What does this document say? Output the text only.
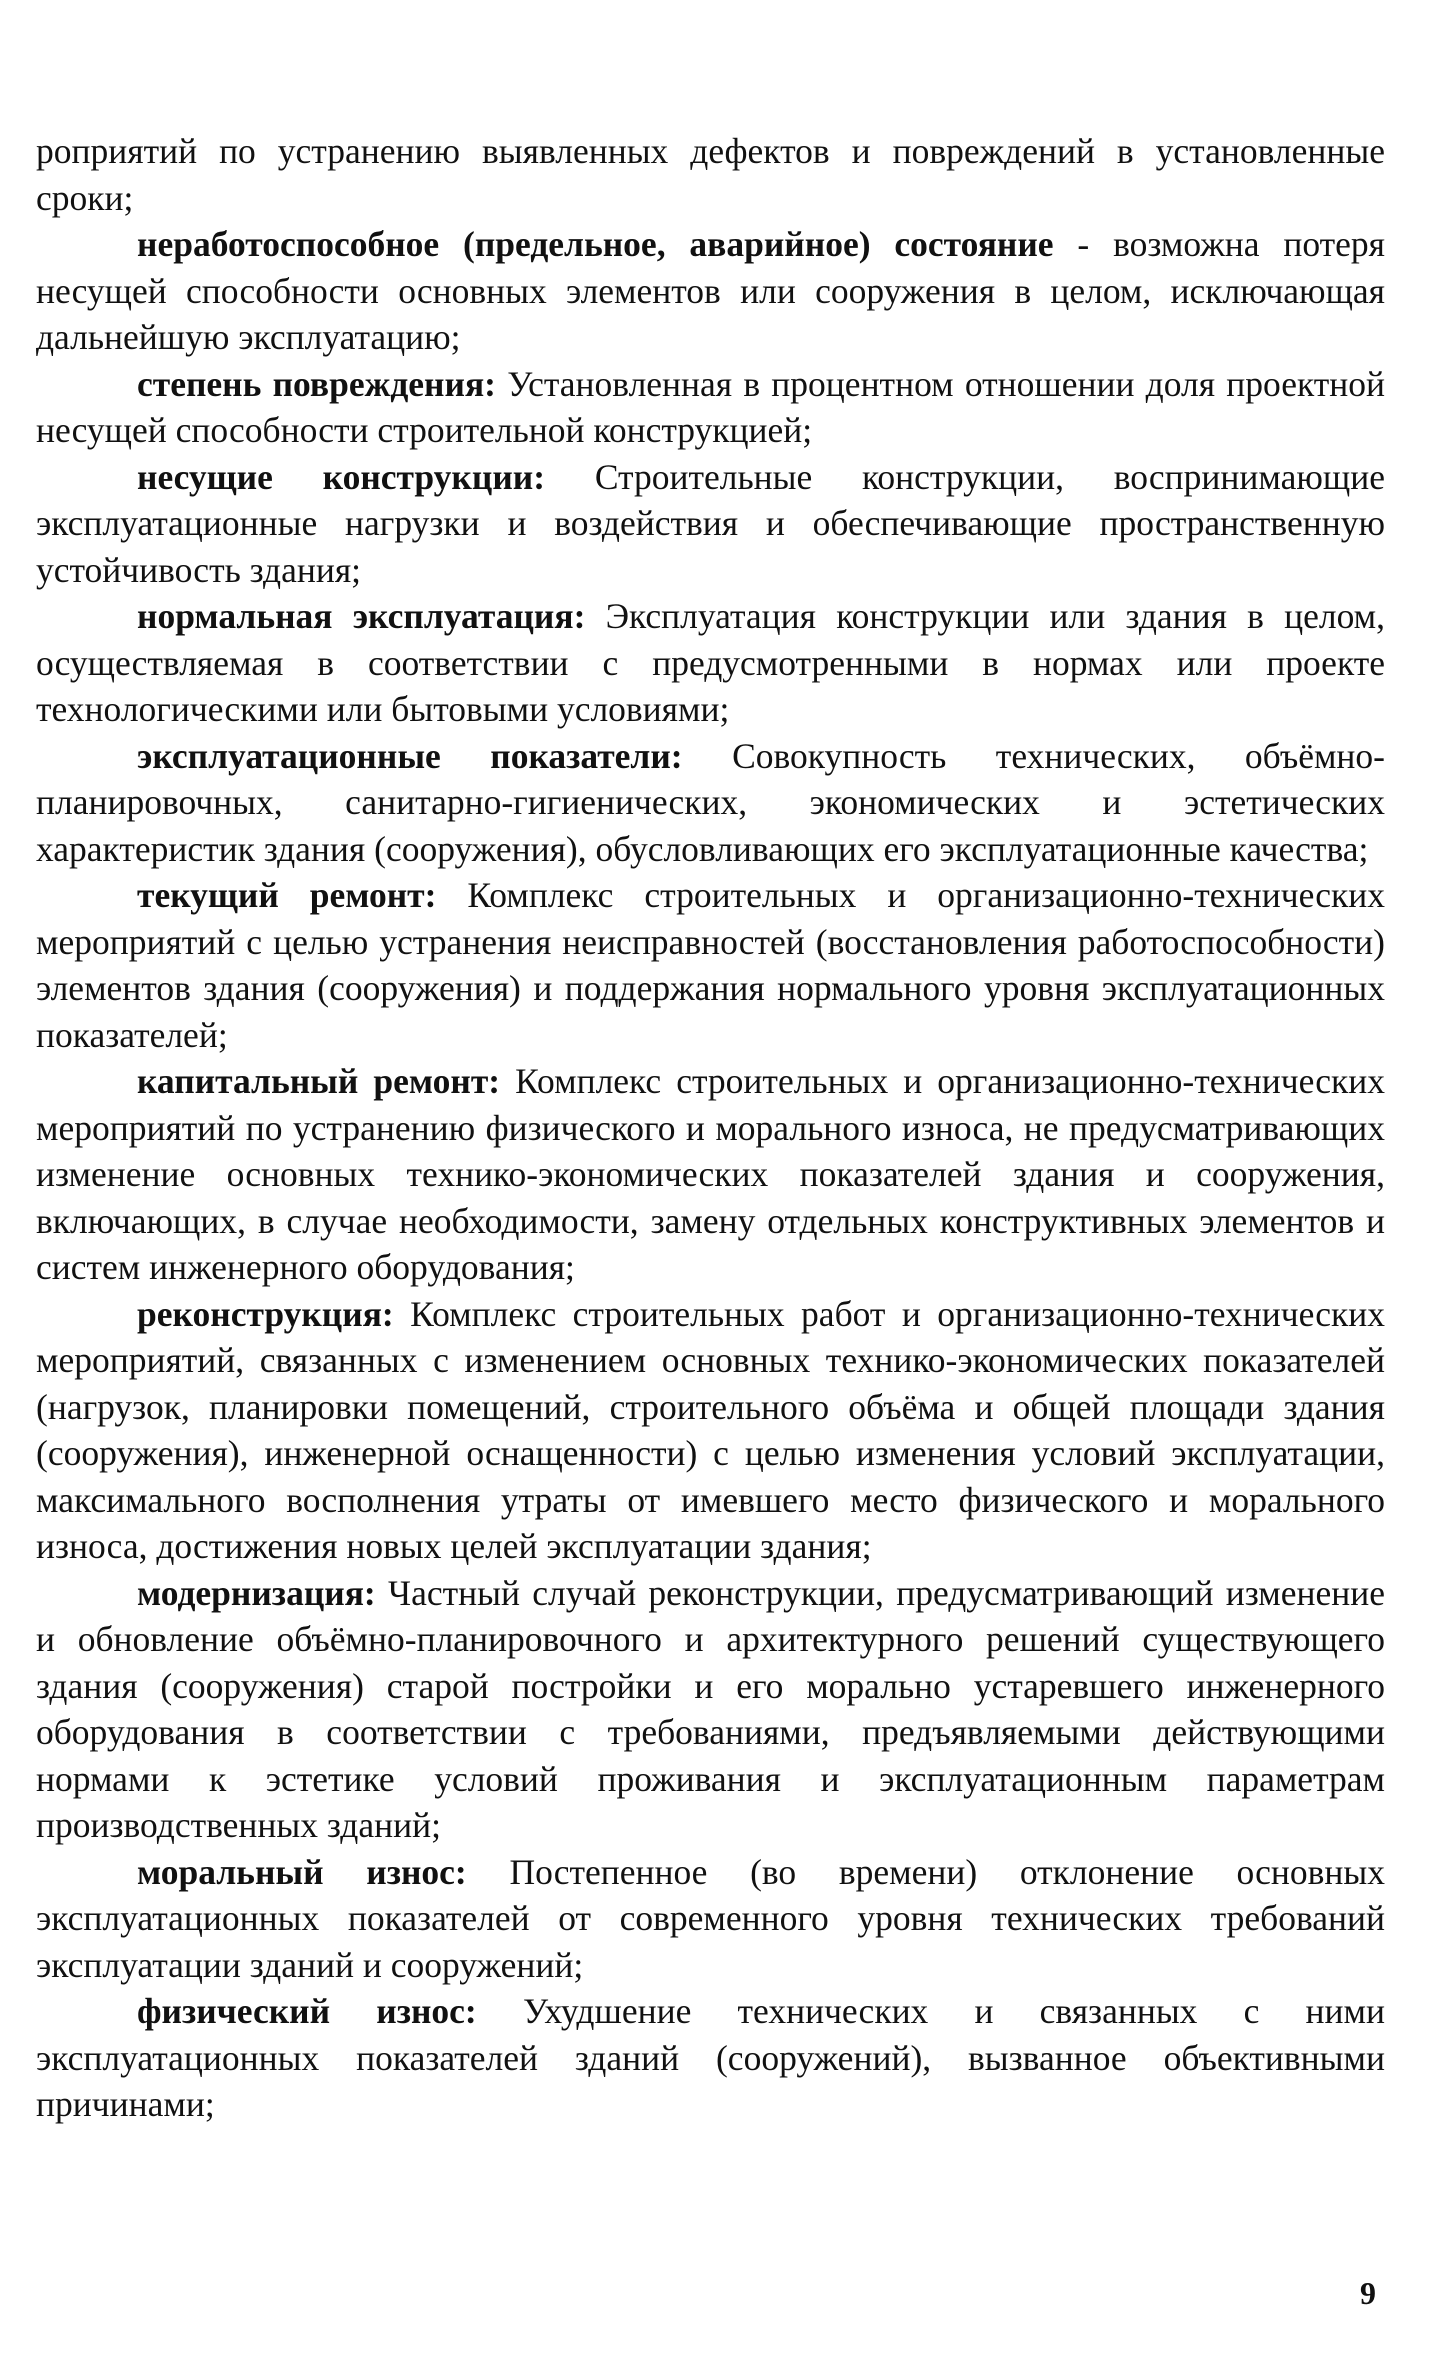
роприятий по устранению выявленных дефектов и повреждений в установленные сроки;

неработоспособное (предельное, аварийное) состояние - возможна потеря несущей способности основных элементов или сооружения в целом, исключающая дальнейшую эксплуатацию;

степень повреждения: Установленная в процентном отношении доля проектной несущей способности строительной конструкцией;

несущие конструкции: Строительные конструкции, воспринимающие эксплуатационные нагрузки и воздействия и обеспечивающие пространственную устойчивость здания;

нормальная эксплуатация: Эксплуатация конструкции или здания в целом, осуществляемая в соответствии с предусмотренными в нормах или проекте технологическими или бытовыми условиями;

эксплуатационные показатели: Совокупность технических, объёмно-планировочных, санитарно-гигиенических, экономических и эстетических характеристик здания (сооружения), обусловливающих его эксплуатационные качества;

текущий ремонт: Комплекс строительных и организационно-технических мероприятий с целью устранения неисправностей (восстановления работоспособности) элементов здания (сооружения) и поддержания нормального уровня эксплуатационных показателей;

капитальный ремонт: Комплекс строительных и организационно-технических мероприятий по устранению физического и морального износа, не предусматривающих изменение основных технико-экономических показателей здания и сооружения, включающих, в случае необходимости, замену отдельных конструктивных элементов и систем инженерного оборудования;

реконструкция: Комплекс строительных работ и организационно-технических мероприятий, связанных с изменением основных технико-экономических показателей (нагрузок, планировки помещений, строительного объёма и общей площади здания (сооружения), инженерной оснащенности) с целью изменения условий эксплуатации, максимального восполнения утраты от имевшего место физического и морального износа, достижения новых целей эксплуатации здания;

модернизация: Частный случай реконструкции, предусматривающий изменение и обновление объёмно-планировочного и архитектурного решений существующего здания (сооружения) старой постройки и его морально устаревшего инженерного оборудования в соответствии с требованиями, предъявляемыми действующими нормами к эстетике условий проживания и эксплуатационным параметрам производственных зданий;

моральный износ: Постепенное (во времени) отклонение основных эксплуатационных показателей от современного уровня технических требований эксплуатации зданий и сооружений;

физический износ: Ухудшение технических и связанных с ними эксплуатационных показателей зданий (сооружений), вызванное объективными причинами;

9
